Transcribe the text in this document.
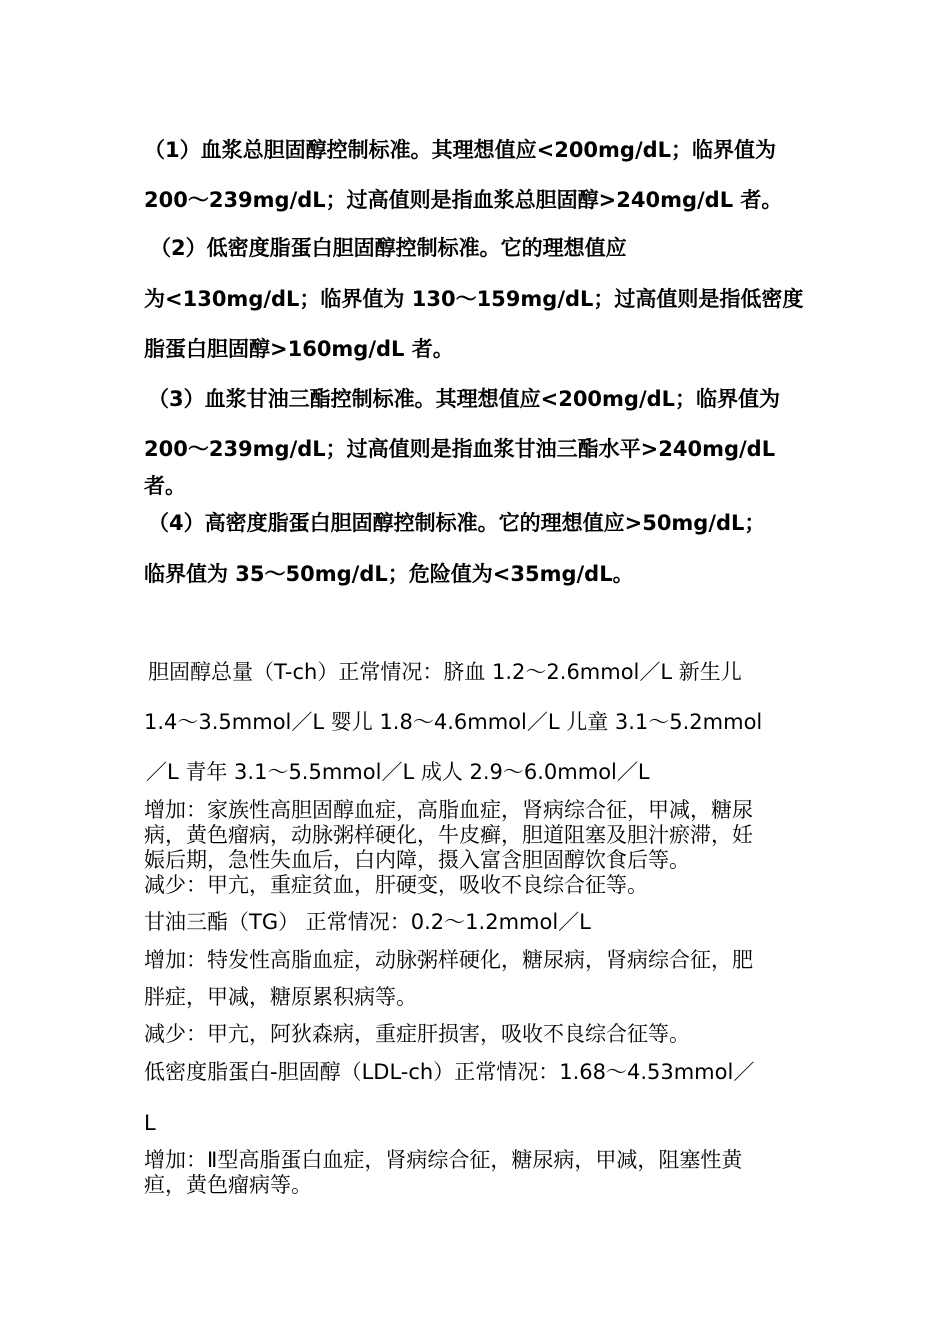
（1）血浆总胆固醇控制标准。其理想值应<200mg/dL；临界值为
200～239mg/dL；过高值则是指血浆总胆固醇>240mg/dL 者。
（2）低密度脂蛋白胆固醇控制标准。它的理想值应
为<130mg/dL；临界值为 130～159mg/dL；过高值则是指低密度
脂蛋白胆固醇>160mg/dL 者。
（3）血浆甘油三酯控制标准。其理想值应<200mg/dL；临界值为
200～239mg/dL；过高值则是指血浆甘油三酯水平>240mg/dL
者。
（4）高密度脂蛋白胆固醇控制标准。它的理想值应>50mg/dL；
临界值为 35～50mg/dL；危险值为<35mg/dL。
胆固醇总量（T-ch）正常情况：脐血 1.2～2.6mmol／L 新生儿
1.4～3.5mmol／L 婴儿 1.8～4.6mmol／L 儿童 3.1～5.2mmol
／L 青年 3.1～5.5mmol／L 成人 2.9～6.0mmol／L
增加：家族性高胆固醇血症，高脂血症，肾病综合征，甲减，糖尿
病，黄色瘤病，动脉粥样硬化，牛皮癣，胆道阻塞及胆汁瘀滞，妊
娠后期，急性失血后，白内障，摄入富含胆固醇饮食后等。
减少：甲亢，重症贫血，肝硬变，吸收不良综合征等。
甘油三酯（TG） 正常情况：0.2～1.2mmol／L
增加：特发性高脂血症，动脉粥样硬化，糖尿病，肾病综合征，肥
胖症，甲减，糖原累积病等。
减少：甲亢，阿狄森病，重症肝损害，吸收不良综合征等。
低密度脂蛋白-胆固醇（LDL-ch）正常情况：1.68～4.53mmol／
L
增加：Ⅱ型高脂蛋白血症，肾病综合征，糖尿病，甲减，阻塞性黄
疸，黄色瘤病等。
